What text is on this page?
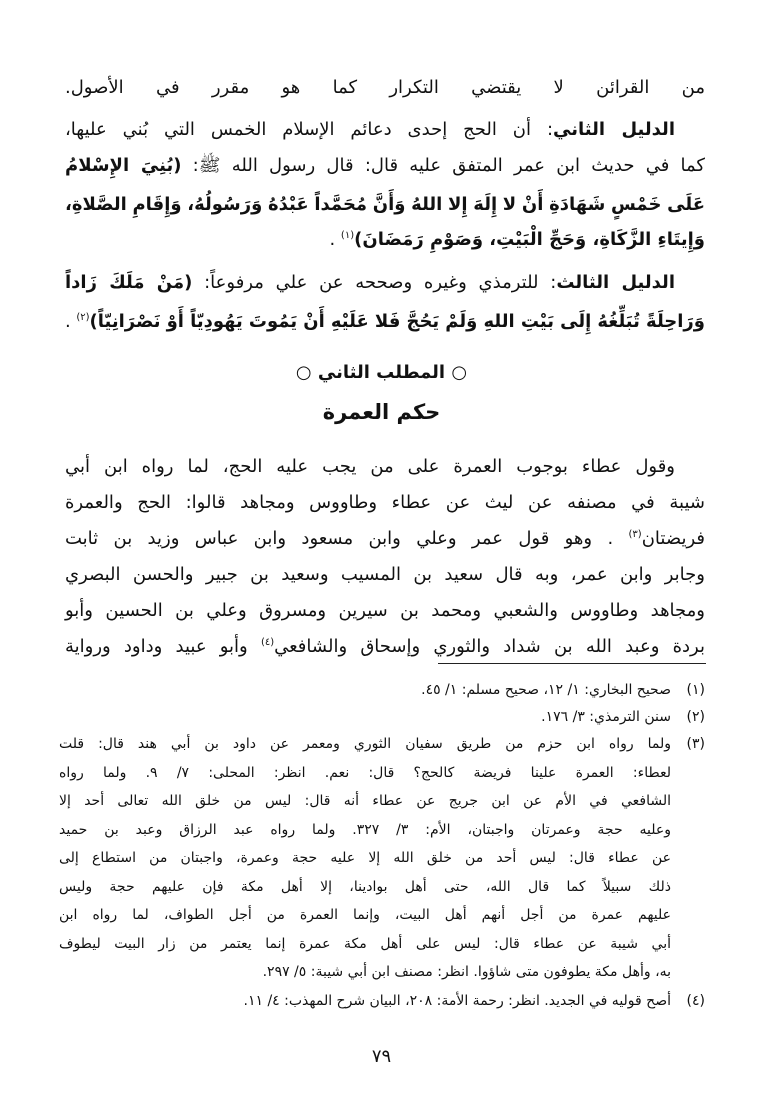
من القرائن لا يقتضي التكرار كما هو مقرر في الأصول.
الدليل الثاني: أن الحج إحدى دعائم الإسلام الخمس التي بُني عليها،
كما في حديث ابن عمر المتفق عليه قال: قال رسول الله ﷺ: (بُنِيَ الإِسْلامُ
عَلَى خَمْسٍ شَهَادَةِ أَنْ لا إِلَهَ إِلا اللهُ وَأَنَّ مُحَمَّداً عَبْدُهُ وَرَسُولُهُ، وَإِقَامِ الصَّلاةِ،
وَإِيتَاءِ الزَّكَاةِ، وَحَجِّ الْبَيْتِ، وَصَوْمِ رَمَضَانَ)$^{(١)}$ .
الدليل الثالث: للترمذي وغيره وصححه عن علي مرفوعاً: (مَنْ مَلَكَ زَاداً
وَرَاحِلَةً تُبَلِّغُهُ إِلَى بَيْتِ اللهِ وَلَمْ يَحُجَّ فَلا عَلَيْهِ أَنْ يَمُوتَ يَهُودِيّاً أَوْ نَصْرَانِيّاً)$^{(٢)}$ .
○ المطلب الثاني ○
حكم العمرة
وقول عطاء بوجوب العمرة على من يجب عليه الحج، لما رواه ابن أبي
شيبة في مصنفه عن ليث عن عطاء وطاووس ومجاهد قالوا: الحج والعمرة
فريضتان$^{(٣)}$ . وهو قول عمر وعلي وابن مسعود وابن عباس وزيد بن ثابت
وجابر وابن عمر، وبه قال سعيد بن المسيب وسعيد بن جبير والحسن البصري
ومجاهد وطاووس والشعبي ومحمد بن سيرين ومسروق وعلي بن الحسين وأبو
بردة وعبد الله بن شداد والثوري وإسحاق والشافعي$^{(٤)}$ وأبو عبيد وداود ورواية
(١)
صحيح البخاري: ١/ ١٢، صحيح مسلم: ١/ ٤٥.
(٢)
سنن الترمذي: ٣/ ١٧٦.
(٣)
ولما رواه ابن حزم من طريق سفيان الثوري ومعمر عن داود بن أبي هند قال: قلت
لعطاء: العمرة علينا فريضة كالحج؟ قال: نعم. انظر: المحلى: ٧/ ٩. ولما رواه
الشافعي في الأم عن ابن جريج عن عطاء أنه قال: ليس من خلق الله تعالى أحد إلا
وعليه حجة وعمرتان واجبتان، الأم: ٣/ ٣٢٧. ولما رواه عبد الرزاق وعبد بن حميد
عن عطاء قال: ليس أحد من خلق الله إلا عليه حجة وعمرة، واجبتان من استطاع إلى
ذلك سبيلاً كما قال الله، حتى أهل بوادينا، إلا أهل مكة فإن عليهم حجة وليس
عليهم عمرة من أجل أنهم أهل البيت، وإنما العمرة من أجل الطواف، لما رواه ابن
أبي شيبة عن عطاء قال: ليس على أهل مكة عمرة إنما يعتمر من زار البيت ليطوف
به، وأهل مكة يطوفون متى شاؤوا. انظر: مصنف ابن أبي شيبة: ٥/ ٢٩٧.
(٤)
أصح قوليه في الجديد. انظر: رحمة الأمة: ٢٠٨، البيان شرح المهذب: ٤/ ١١.
٧٩
